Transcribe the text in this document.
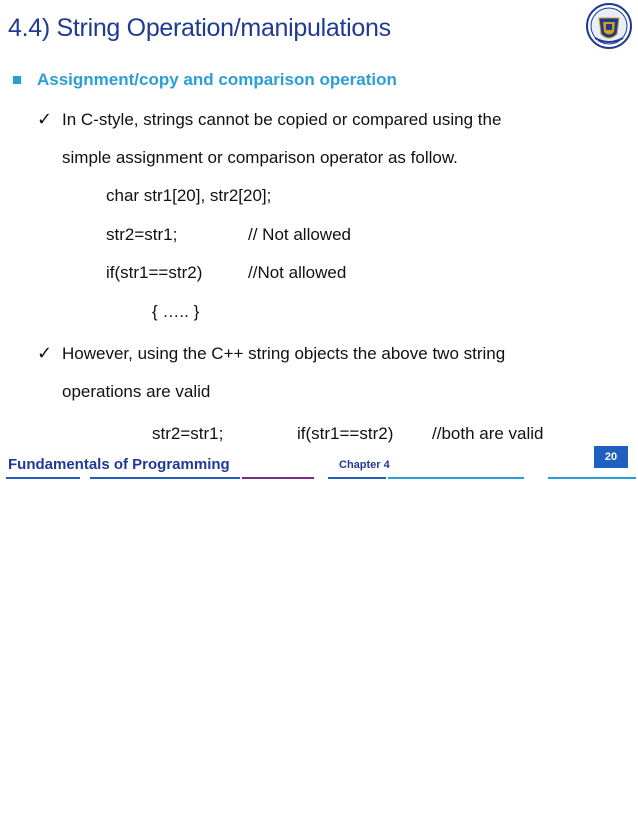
4.4) String Operation/manipulations
Assignment/copy and comparison operation
✓ In C-style, strings cannot be copied or compared using the
simple assignment or comparison operator as follow.
char str1[20], str2[20];
str2=str1;	// Not allowed
if(str1==str2)	//Not allowed
{ ….. }
✓ However, using the C++ string objects the above two string
operations are valid
str2=str1;	if(str1==str2) //both are valid
Fundamentals of Programming	Chapter 4
20
